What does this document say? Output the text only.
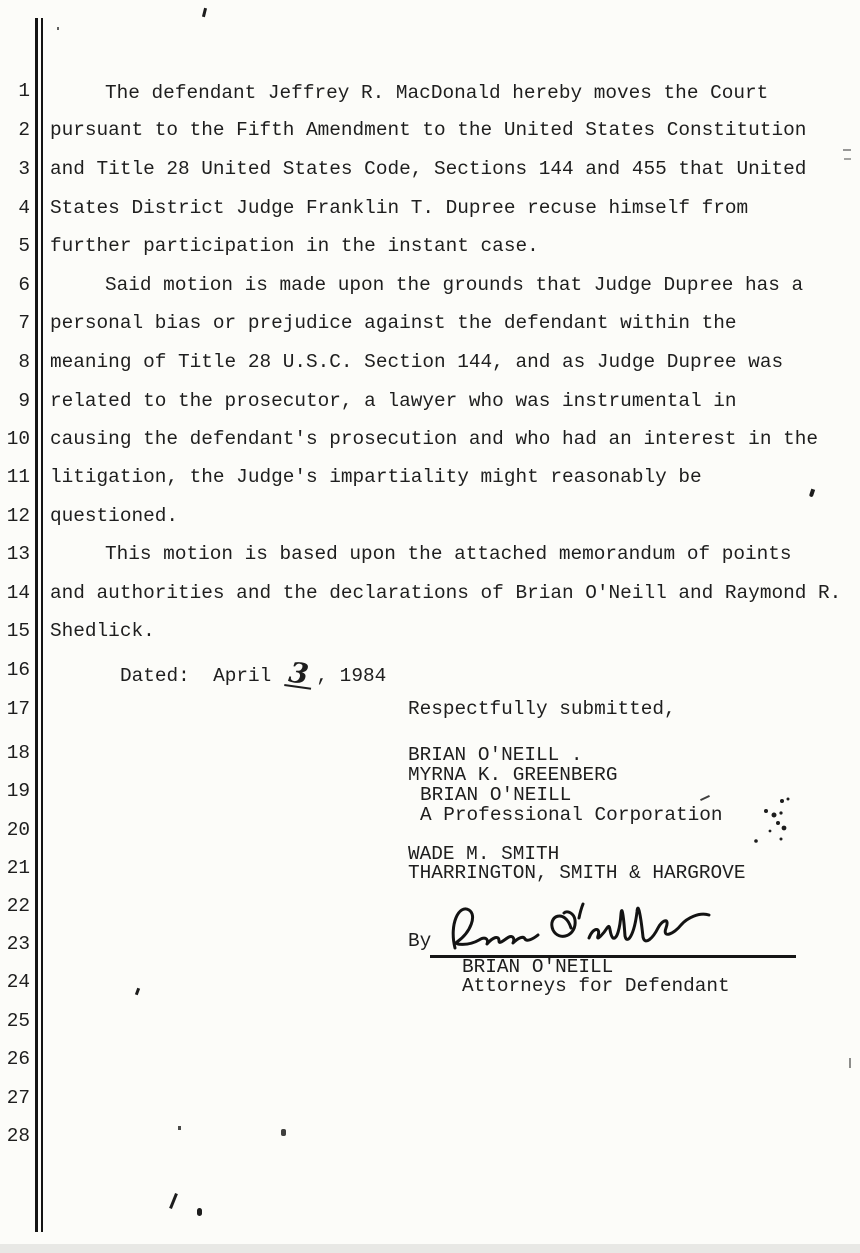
1
2
3
4
5
6
7
8
9
10
11
12
13
14
15
16
17
18
19
20
21
22
23
24
25
26
27
28
The defendant Jeffrey R. MacDonald hereby moves the Court
pursuant to the Fifth Amendment to the United States Constitution
and Title 28 United States Code, Sections 144 and 455 that United
States District Judge Franklin T. Dupree recuse himself from
further participation in the instant case.
Said motion is made upon the grounds that Judge Dupree has a
personal bias or prejudice against the defendant within the
meaning of Title 28 U.S.C. Section 144, and as Judge Dupree was
related to the prosecutor, a lawyer who was instrumental in
causing the defendant's prosecution and who had an interest in the
litigation, the Judge's impartiality might reasonably be
questioned.
This motion is based upon the attached memorandum of points
and authorities and the declarations of Brian O'Neill and Raymond R.
Shedlick.
Dated:  April 3 , 1984
Respectfully submitted,
BRIAN O'NEILL .
MYRNA K. GREENBERG
BRIAN O'NEILL
A Professional Corporation
WADE M. SMITH
THARRINGTON, SMITH & HARGROVE
By
BRIAN O'NEILL
Attorneys for Defendant
